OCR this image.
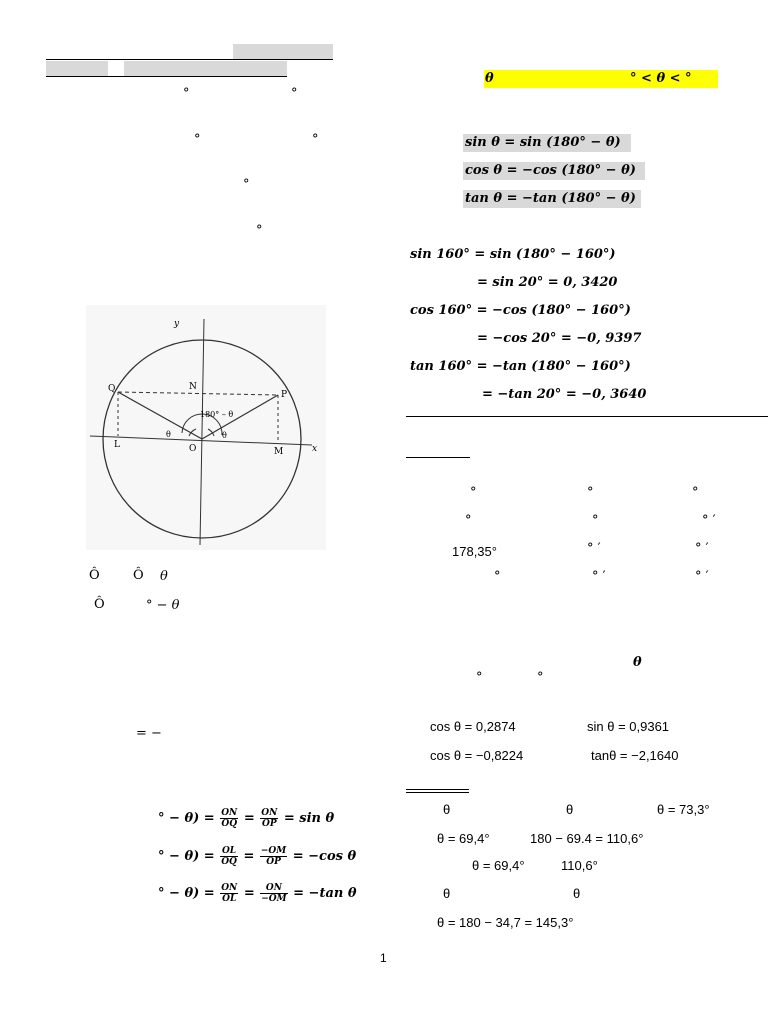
°	°
°	°
°
°
y
x
Q	N
P
L	O	M
180° – θ
θ	θ
Ô	Ô θ
Ô	° − θ
= −
° − $\theta) = \frac{ON}{OQ} = \frac{ON}{OP} = \sin \theta$
° − $\theta) = \frac{OL}{OQ} = \frac{-OM}{OP} = -\cos$ θ
° − $\theta) = \frac{ON}{OL} = \frac{ON}{-OM} = -\tan$ θ
θ	° < θ < °
sin θ = sin (180° − θ)
cos θ = −cos (180° − θ)
tan θ = −tan (180° − θ)
sin 160° = sin (180° − 160°)
= sin 20° = 0, 3420
cos 160° = −cos (180° − 160°)
= −cos 20° = −0, 9397
tan 160° = −tan (180° − 160°)
= −tan 20° = −0, 3640
°	°	°
°	°	° ′
178,35°	° ′	° ′
°	° ′	° ′
θ
°	°
cos θ = 0,2874	sin θ = 0,9361
cos θ = −0,8224	tanθ = −2,1640
θ	θ	θ = 73,3°
θ = 69,4°	180 − 69.4 = 110,6°
θ = 69,4°	110,6°
θ	θ
θ = 180 − 34,7 = 145,3°
1
